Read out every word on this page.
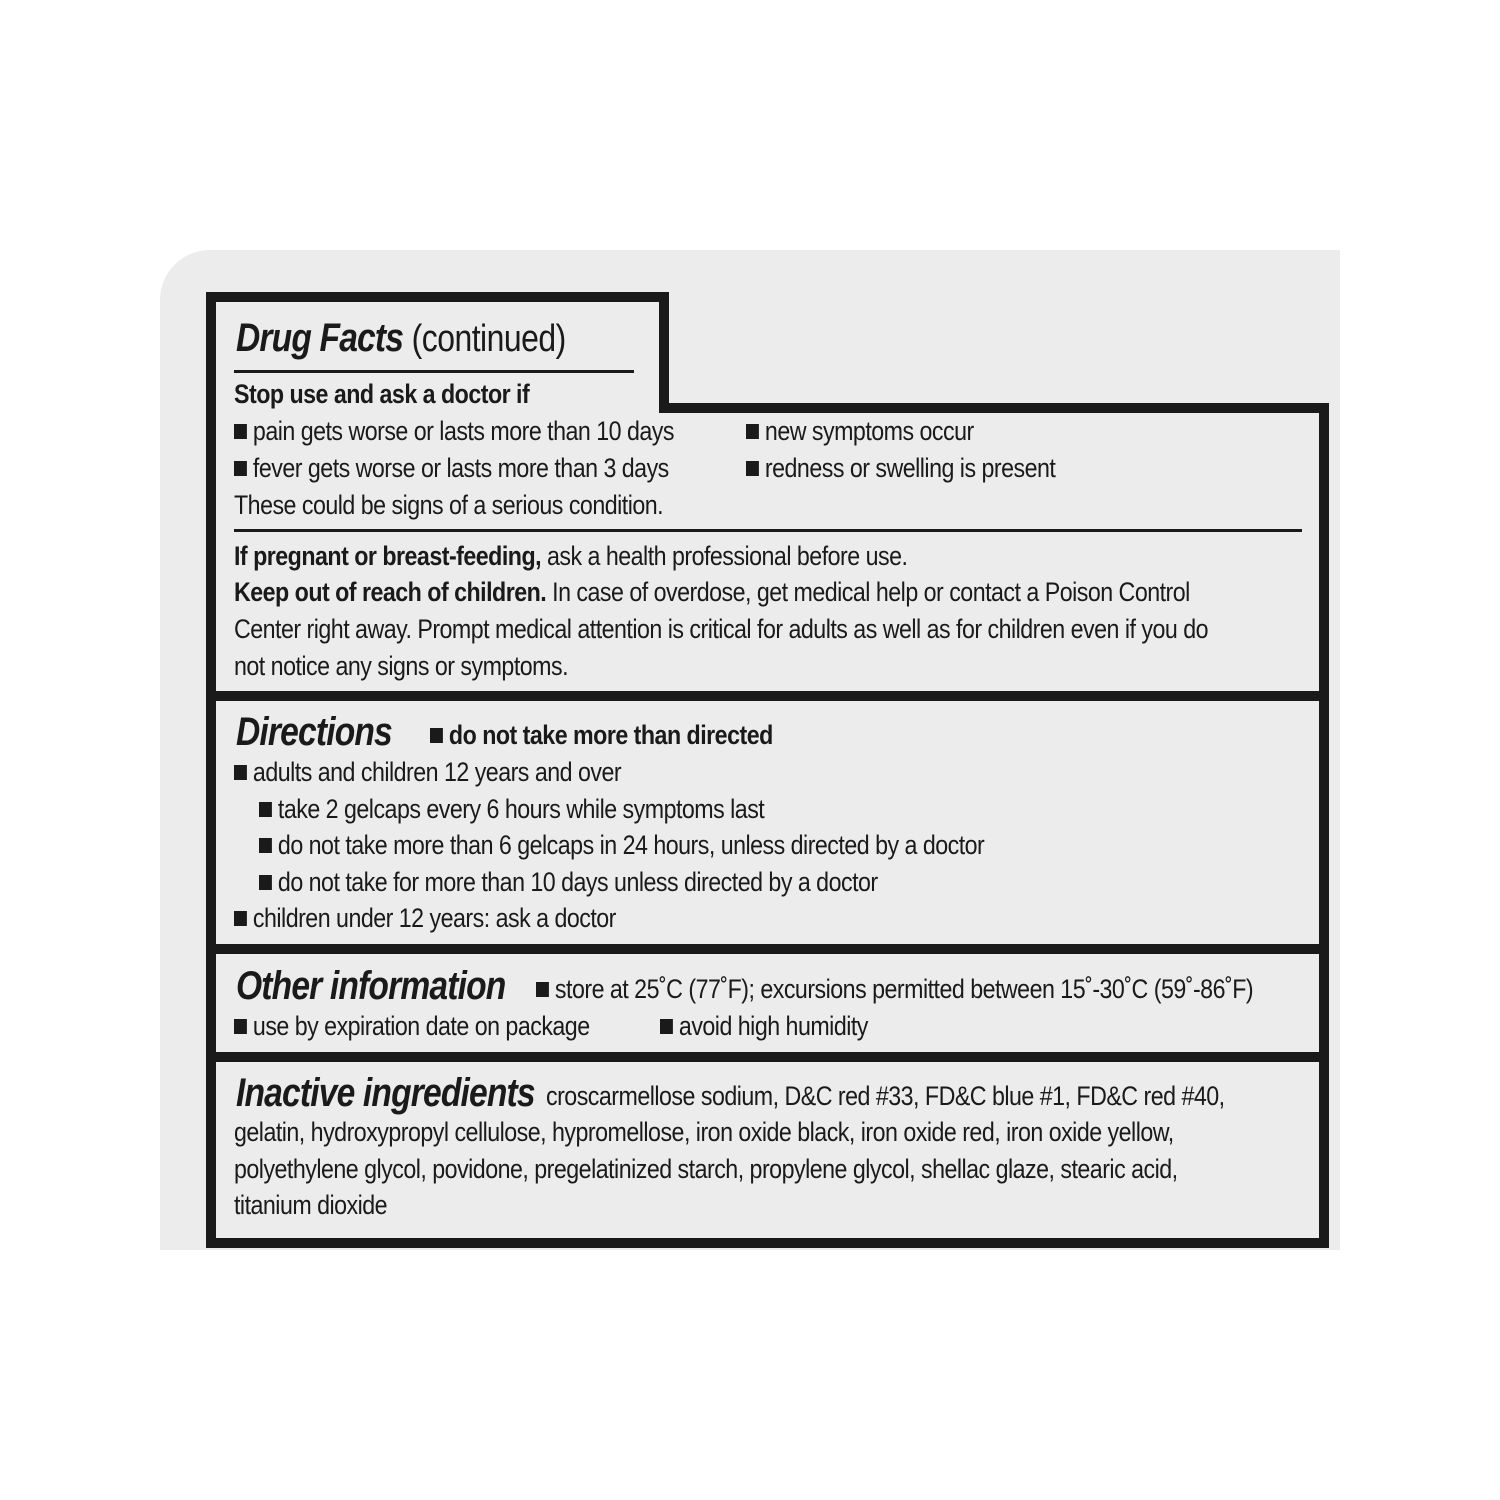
Drug Facts (continued)

Stop use and ask a doctor if

pain gets worse or lasts more than 10 days	new symptoms occur

fever gets worse or lasts more than 3 days	redness or swelling is present

These could be signs of a serious condition.

If pregnant or breast-feeding, ask a health professional before use.

Keep out of reach of children. In case of overdose, get medical help or contact a Poison Control

Center right away. Prompt medical attention is critical for adults as well as for children even if you do

not notice any signs or symptoms.

Directions	do not take more than directed

adults and children 12 years and over

take 2 gelcaps every 6 hours while symptoms last

do not take more than 6 gelcaps in 24 hours, unless directed by a doctor

do not take for more than 10 days unless directed by a doctor

children under 12 years: ask a doctor

Other information	store at 25˚C (77˚F); excursions permitted between 15˚-30˚C (59˚-86˚F)

use by expiration date on package	avoid high humidity

Inactive ingredients croscarmellose sodium, D&C red #33, FD&C blue #1, FD&C red #40,

gelatin, hydroxypropyl cellulose, hypromellose, iron oxide black, iron oxide red, iron oxide yellow,

polyethylene glycol, povidone, pregelatinized starch, propylene glycol, shellac glaze, stearic acid,

titanium dioxide
